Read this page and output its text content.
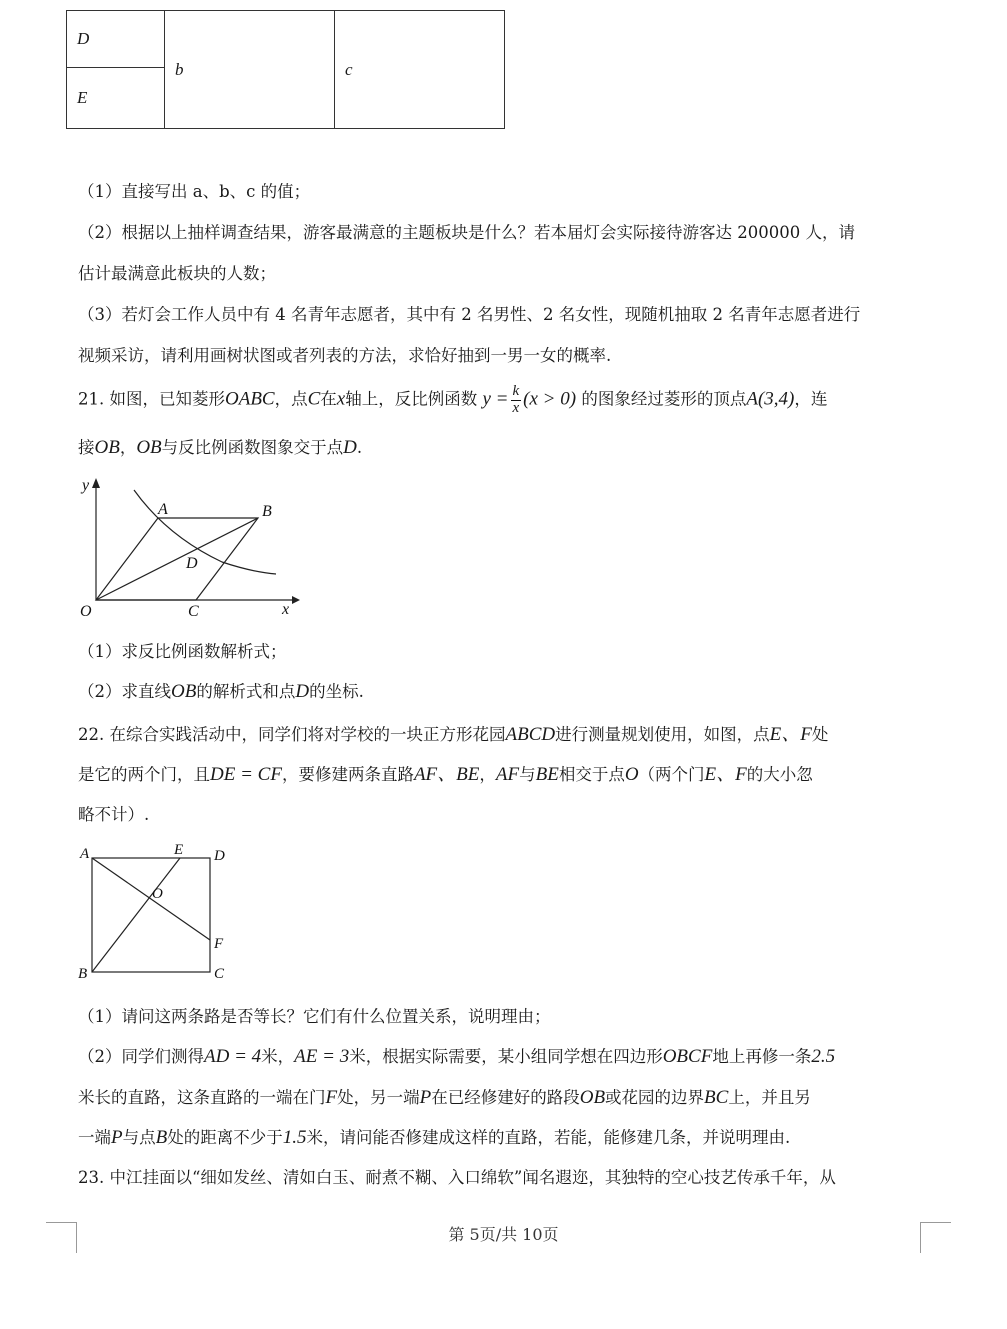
D	b	c
E
（1）直接写出 a、b、c 的值；
（2）根据以上抽样调查结果，游客最满意的主题板块是什么？若本届灯会实际接待游客达 200000 人，请
估计最满意此板块的人数；
（3）若灯会工作人员中有 4 名青年志愿者，其中有 2 名男性、2 名女性，现随机抽取 2 名青年志愿者进行
视频采访，请利用画树状图或者列表的方法，求恰好抽到一男一女的概率.
21. 如图，已知菱形OABC，点C在x轴上，反比例函数 $y = \frac{k}{x} (x > 0)$ 的图象经过菱形的顶点A(3,4)，连
接OB，OB与反比例函数图象交于点D.
y
x
O
A	B
C
D
（1）求反比例函数解析式；
（2）求直线OB的解析式和点D的坐标.
22. 在综合实践活动中，同学们将对学校的一块正方形花园ABCD进行测量规划使用，如图，点E、F处
是它的两个门，且DE = CF，要修建两条直路AF、BE，AF与BE相交于点O（两个门E、F的大小忽
略不计）.
A
B	C
D
E
F
O
（1）请问这两条路是否等长？它们有什么位置关系，说明理由；
（2）同学们测得AD = 4米，AE = 3米，根据实际需要，某小组同学想在四边形OBCF地上再修一条2.5
米长的直路，这条直路的一端在门F处，另一端P在已经修建好的路段OB或花园的边界BC上，并且另
一端P与点B处的距离不少于1.5米，请问能否修建成这样的直路，若能，能修建几条，并说明理由.
23. 中江挂面以“细如发丝、清如白玉、耐煮不糊、入口绵软”闻名遐迩，其独特的空心技艺传承千年，从
第 5页/共 10页
